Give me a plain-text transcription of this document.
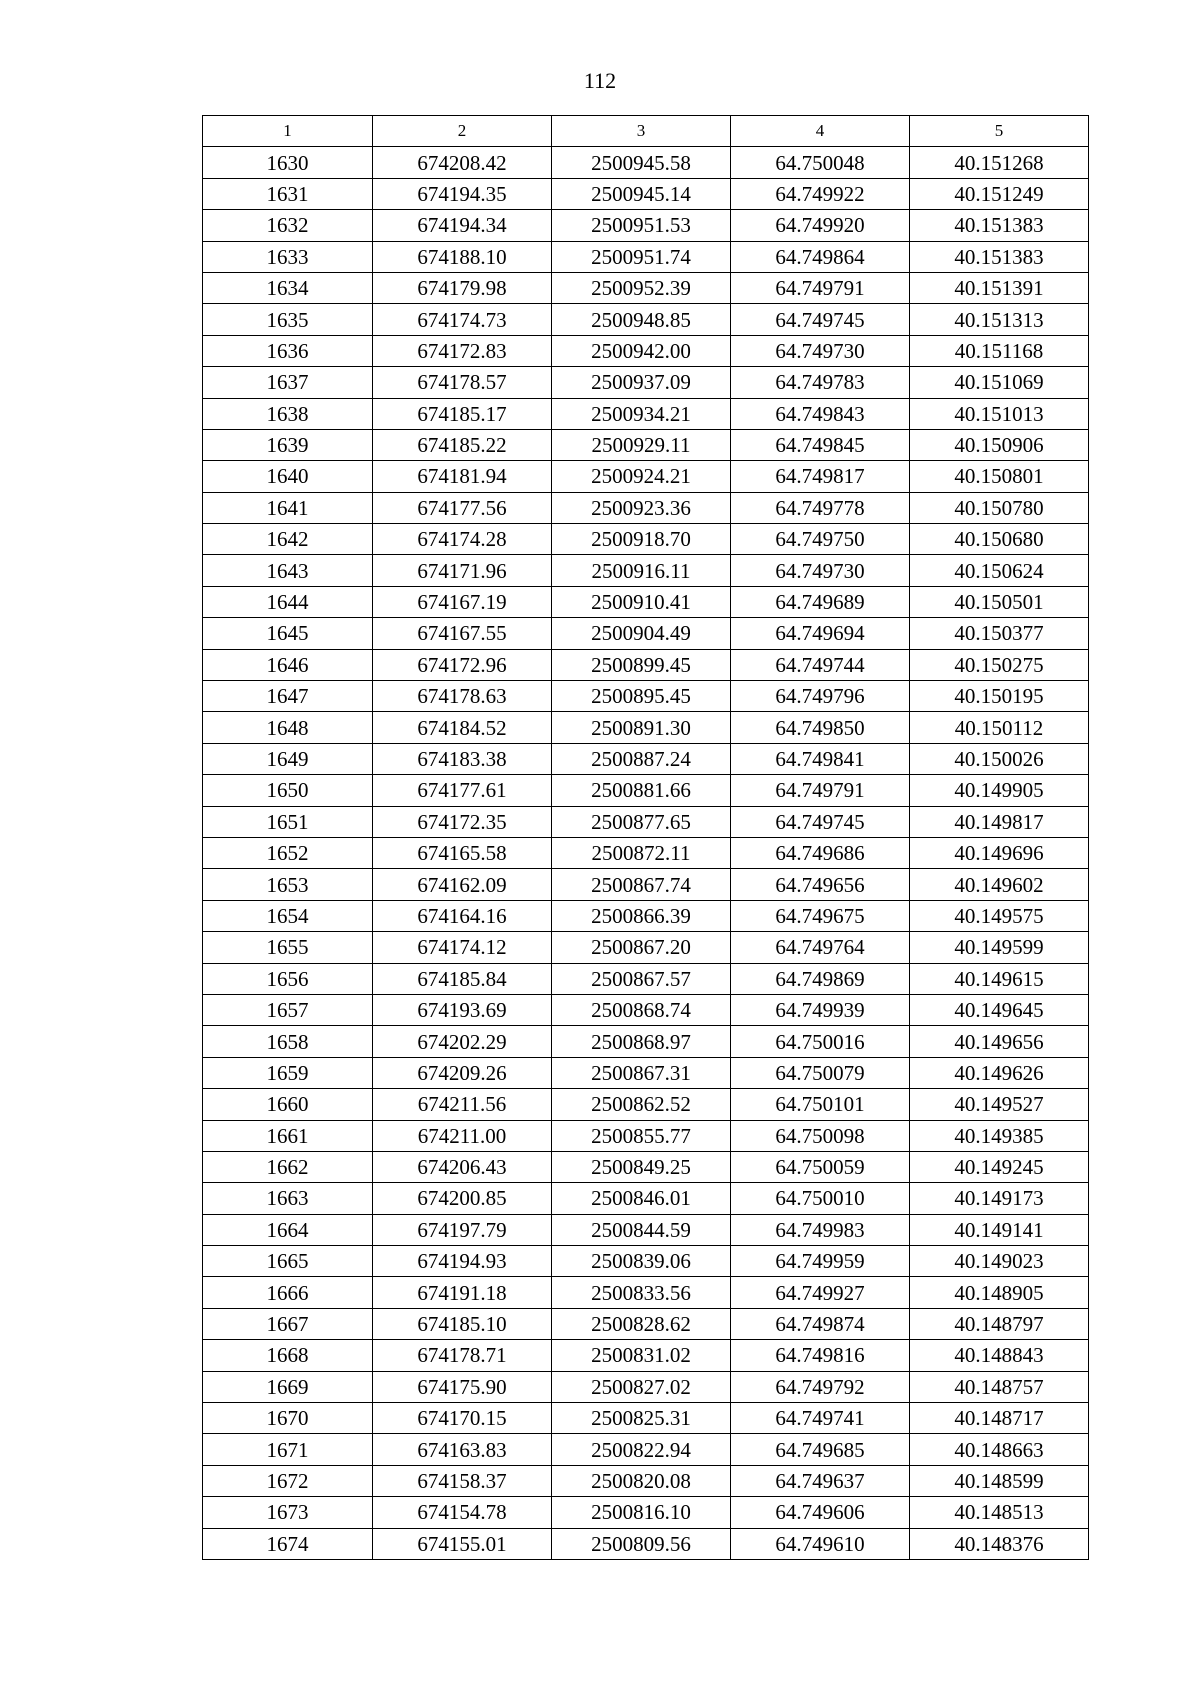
112
1	2	3	4	5
1630	674208.42	2500945.58	64.750048	40.151268
1631	674194.35	2500945.14	64.749922	40.151249
1632	674194.34	2500951.53	64.749920	40.151383
1633	674188.10	2500951.74	64.749864	40.151383
1634	674179.98	2500952.39	64.749791	40.151391
1635	674174.73	2500948.85	64.749745	40.151313
1636	674172.83	2500942.00	64.749730	40.151168
1637	674178.57	2500937.09	64.749783	40.151069
1638	674185.17	2500934.21	64.749843	40.151013
1639	674185.22	2500929.11	64.749845	40.150906
1640	674181.94	2500924.21	64.749817	40.150801
1641	674177.56	2500923.36	64.749778	40.150780
1642	674174.28	2500918.70	64.749750	40.150680
1643	674171.96	2500916.11	64.749730	40.150624
1644	674167.19	2500910.41	64.749689	40.150501
1645	674167.55	2500904.49	64.749694	40.150377
1646	674172.96	2500899.45	64.749744	40.150275
1647	674178.63	2500895.45	64.749796	40.150195
1648	674184.52	2500891.30	64.749850	40.150112
1649	674183.38	2500887.24	64.749841	40.150026
1650	674177.61	2500881.66	64.749791	40.149905
1651	674172.35	2500877.65	64.749745	40.149817
1652	674165.58	2500872.11	64.749686	40.149696
1653	674162.09	2500867.74	64.749656	40.149602
1654	674164.16	2500866.39	64.749675	40.149575
1655	674174.12	2500867.20	64.749764	40.149599
1656	674185.84	2500867.57	64.749869	40.149615
1657	674193.69	2500868.74	64.749939	40.149645
1658	674202.29	2500868.97	64.750016	40.149656
1659	674209.26	2500867.31	64.750079	40.149626
1660	674211.56	2500862.52	64.750101	40.149527
1661	674211.00	2500855.77	64.750098	40.149385
1662	674206.43	2500849.25	64.750059	40.149245
1663	674200.85	2500846.01	64.750010	40.149173
1664	674197.79	2500844.59	64.749983	40.149141
1665	674194.93	2500839.06	64.749959	40.149023
1666	674191.18	2500833.56	64.749927	40.148905
1667	674185.10	2500828.62	64.749874	40.148797
1668	674178.71	2500831.02	64.749816	40.148843
1669	674175.90	2500827.02	64.749792	40.148757
1670	674170.15	2500825.31	64.749741	40.148717
1671	674163.83	2500822.94	64.749685	40.148663
1672	674158.37	2500820.08	64.749637	40.148599
1673	674154.78	2500816.10	64.749606	40.148513
1674	674155.01	2500809.56	64.749610	40.148376
